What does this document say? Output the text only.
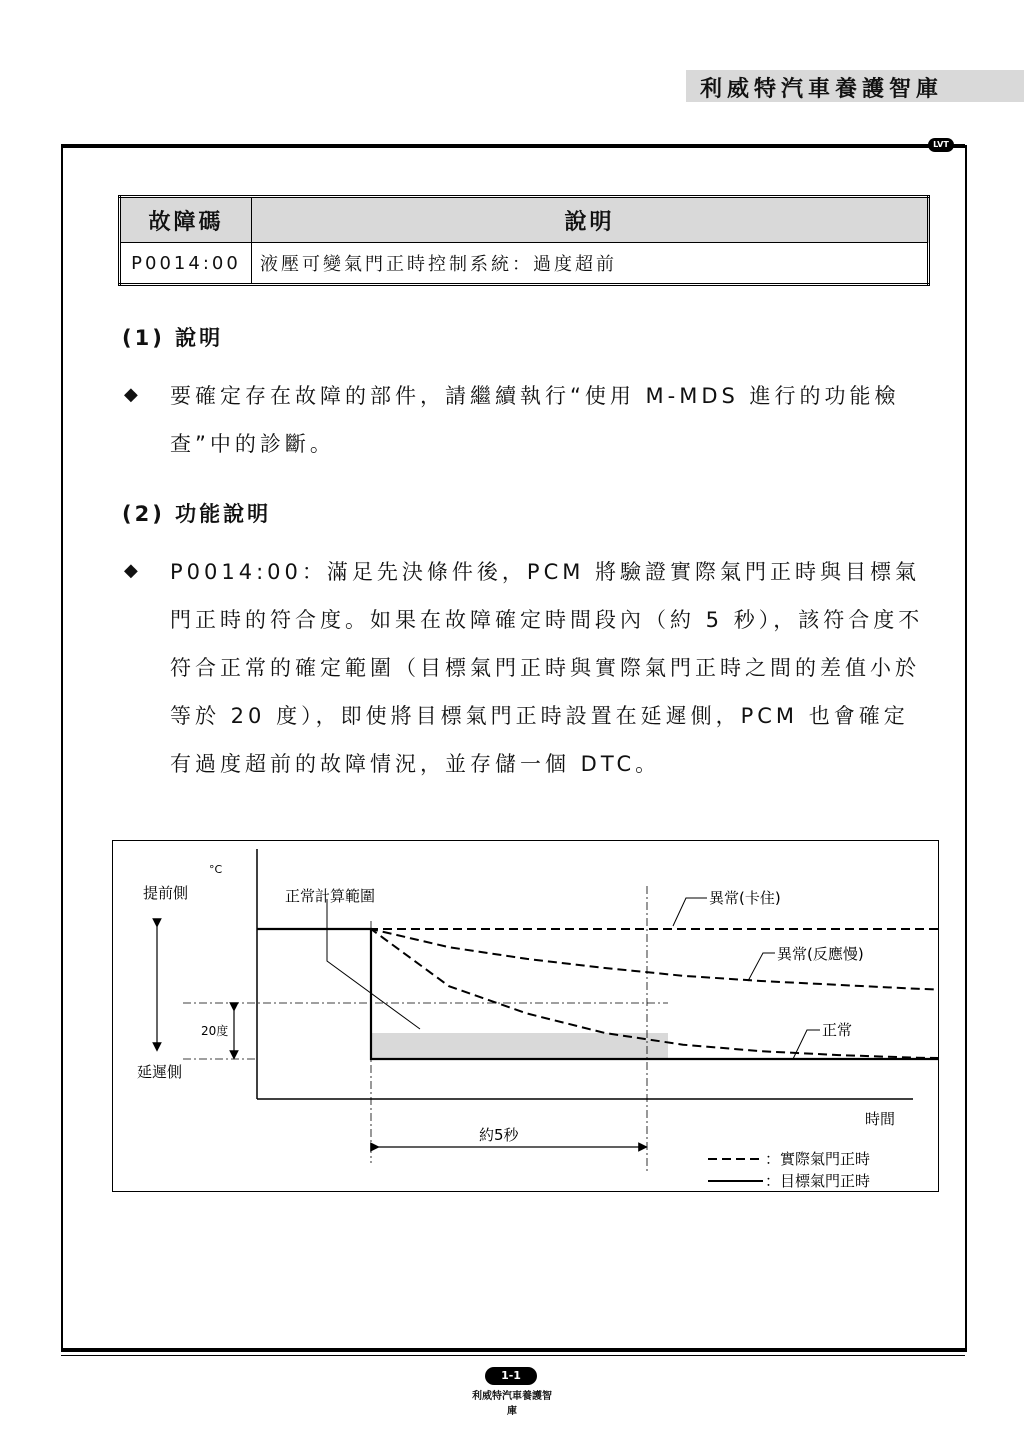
利威特汽車養護智庫
LVT
故障碼	說明
P0014:00	液壓可變氣門正時控制系統：過度超前
(1) 說明
◆ 要確定存在故障的部件，請繼續執行“使用 M-MDS 進行的功能檢查”中的診斷。
(2) 功能說明
◆ P0014:00：滿足先決條件後，PCM 將驗證實際氣門正時與目標氣門正時的符合度。如果在故障確定時間段內（約 5 秒），該符合度不符合正常的確定範圍（目標氣門正時與實際氣門正時之間的差值小於等於 20 度），即使將目標氣門正時設置在延遲側，PCM 也會確定有過度超前的故障情況，並存儲一個 DTC。
°C
提前側
延遲側
20度
正常計算範圍	異常(卡住)
異常(反應慢)
正常
時間
約5秒
：實際氣門正時
：目標氣門正時
1-1
利威特汽車養護智庫
